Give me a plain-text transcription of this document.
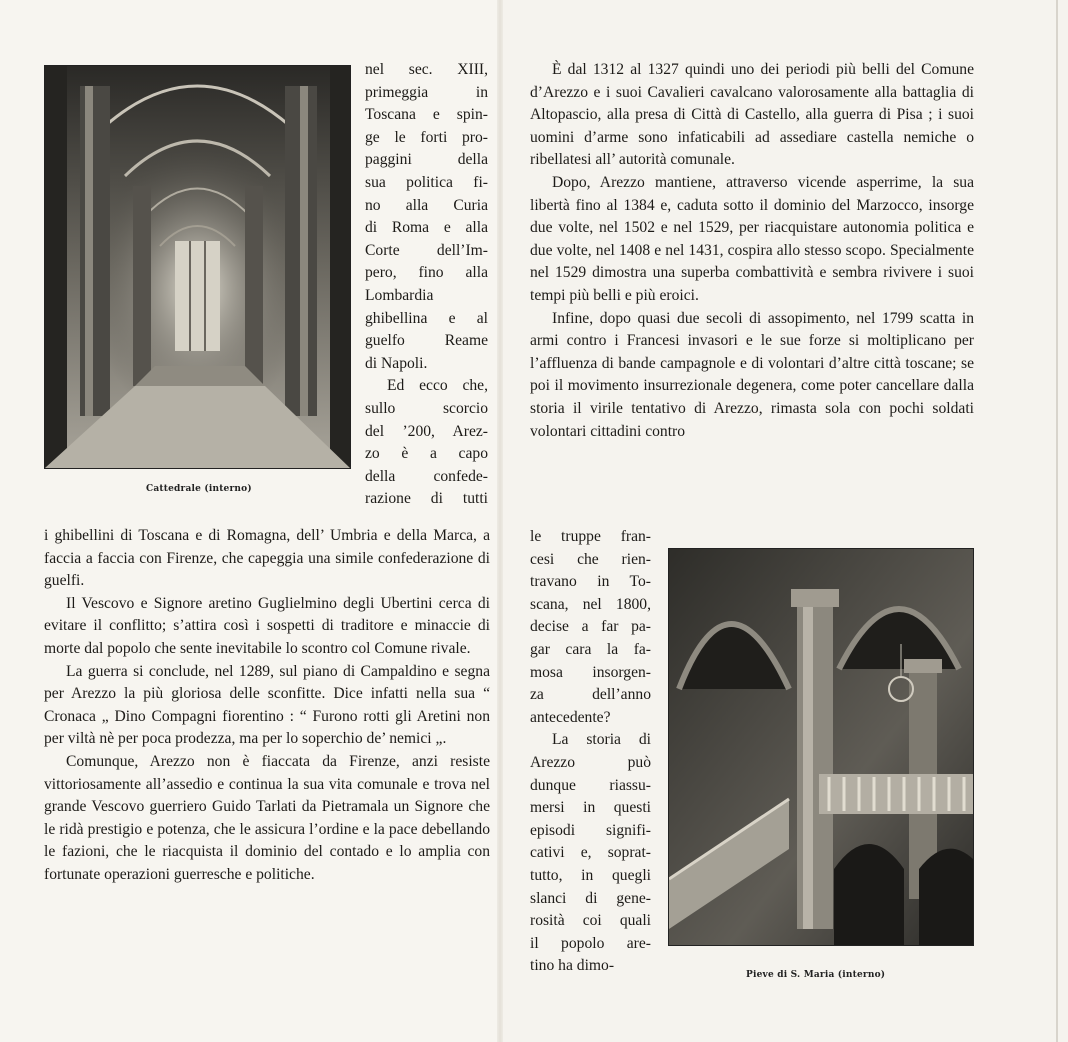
Cattedrale (interno)

nel sec. XIII,

primeggia in

Toscana e spin-

ge le forti pro-

paggini della

sua politica fi-

no alla Curia

di Roma e alla

Corte dell’Im-

pero, fino alla

Lombardia

ghibellina e al

guelfo Reame

di Napoli.

Ed ecco che,

sullo scorcio

del ’200, Arez-

zo è a capo

della confede-

razione di tutti

i ghibellini di Toscana e di Romagna, dell’ Umbria e della Marca, a faccia a faccia con Firenze, che capeggia una simile confederazione di guelfi.

Il Vescovo e Signore aretino Guglielmino degli Ubertini cerca di evitare il conflitto; s’attira così i sospetti di traditore e minaccie di morte dal popolo che sente inevitabile lo scontro col Comune rivale.

La guerra si conclude, nel 1289, sul piano di Campaldino e segna per Arezzo la più gloriosa delle sconfitte. Dice infatti nella sua “ Cronaca „ Dino Compagni fiorentino : “ Furono rotti gli Aretini non per viltà nè per poca prodezza, ma per lo soperchio de’ nemici „.

Comunque, Arezzo non è fiaccata da Firenze, anzi resiste vittoriosamente all’assedio e continua la sua vita comunale e trova nel grande Vescovo guerriero Guido Tarlati da Pietramala un Signore che le ridà prestigio e potenza, che le assicura l’ordine e la pace debellando le fazioni, che le riacquista il dominio del contado e lo amplia con fortunate operazioni guerresche e politiche.

È dal 1312 al 1327 quindi uno dei periodi più belli del Comune d’Arezzo e i suoi Cavalieri cavalcano valorosamente alla battaglia di Altopascio, alla presa di Città di Castello, alla guerra di Pisa ; i suoi uomini d’arme sono infaticabili ad assediare castella nemiche o ribellatesi all’ autorità comunale.

Dopo, Arezzo mantiene, attraverso vicende asperrime, la sua libertà fino al 1384 e, caduta sotto il dominio del Marzocco, insorge due volte, nel 1502 e nel 1529, per riacquistare autonomia politica e due volte, nel 1408 e nel 1431, cospira allo stesso scopo. Specialmente nel 1529 dimostra una superba combattività e sembra rivivere i suoi tempi più belli e più eroici.

Infine, dopo quasi due secoli di assopimento, nel 1799 scatta in armi contro i Francesi invasori e le sue forze si moltiplicano per l’affluenza di bande campagnole e di volontari d’altre città toscane; se poi il movimento insurrezionale degenera, come poter cancellare dalla storia il virile tentativo di Arezzo, rimasta sola con pochi soldati volontari cittadini contro

le truppe fran-

cesi che rien-

travano in To-

scana, nel 1800,

decise a far pa-

gar cara la fa-

mosa insorgen-

za dell’anno

antecedente?

La storia di

Arezzo può

dunque riassu-

mersi in questi

episodi signifi-

cativi e, soprat-

tutto, in quegli

slanci di gene-

rosità coi quali

il popolo are-

tino ha dimo-

Pieve di S. Maria (interno)
